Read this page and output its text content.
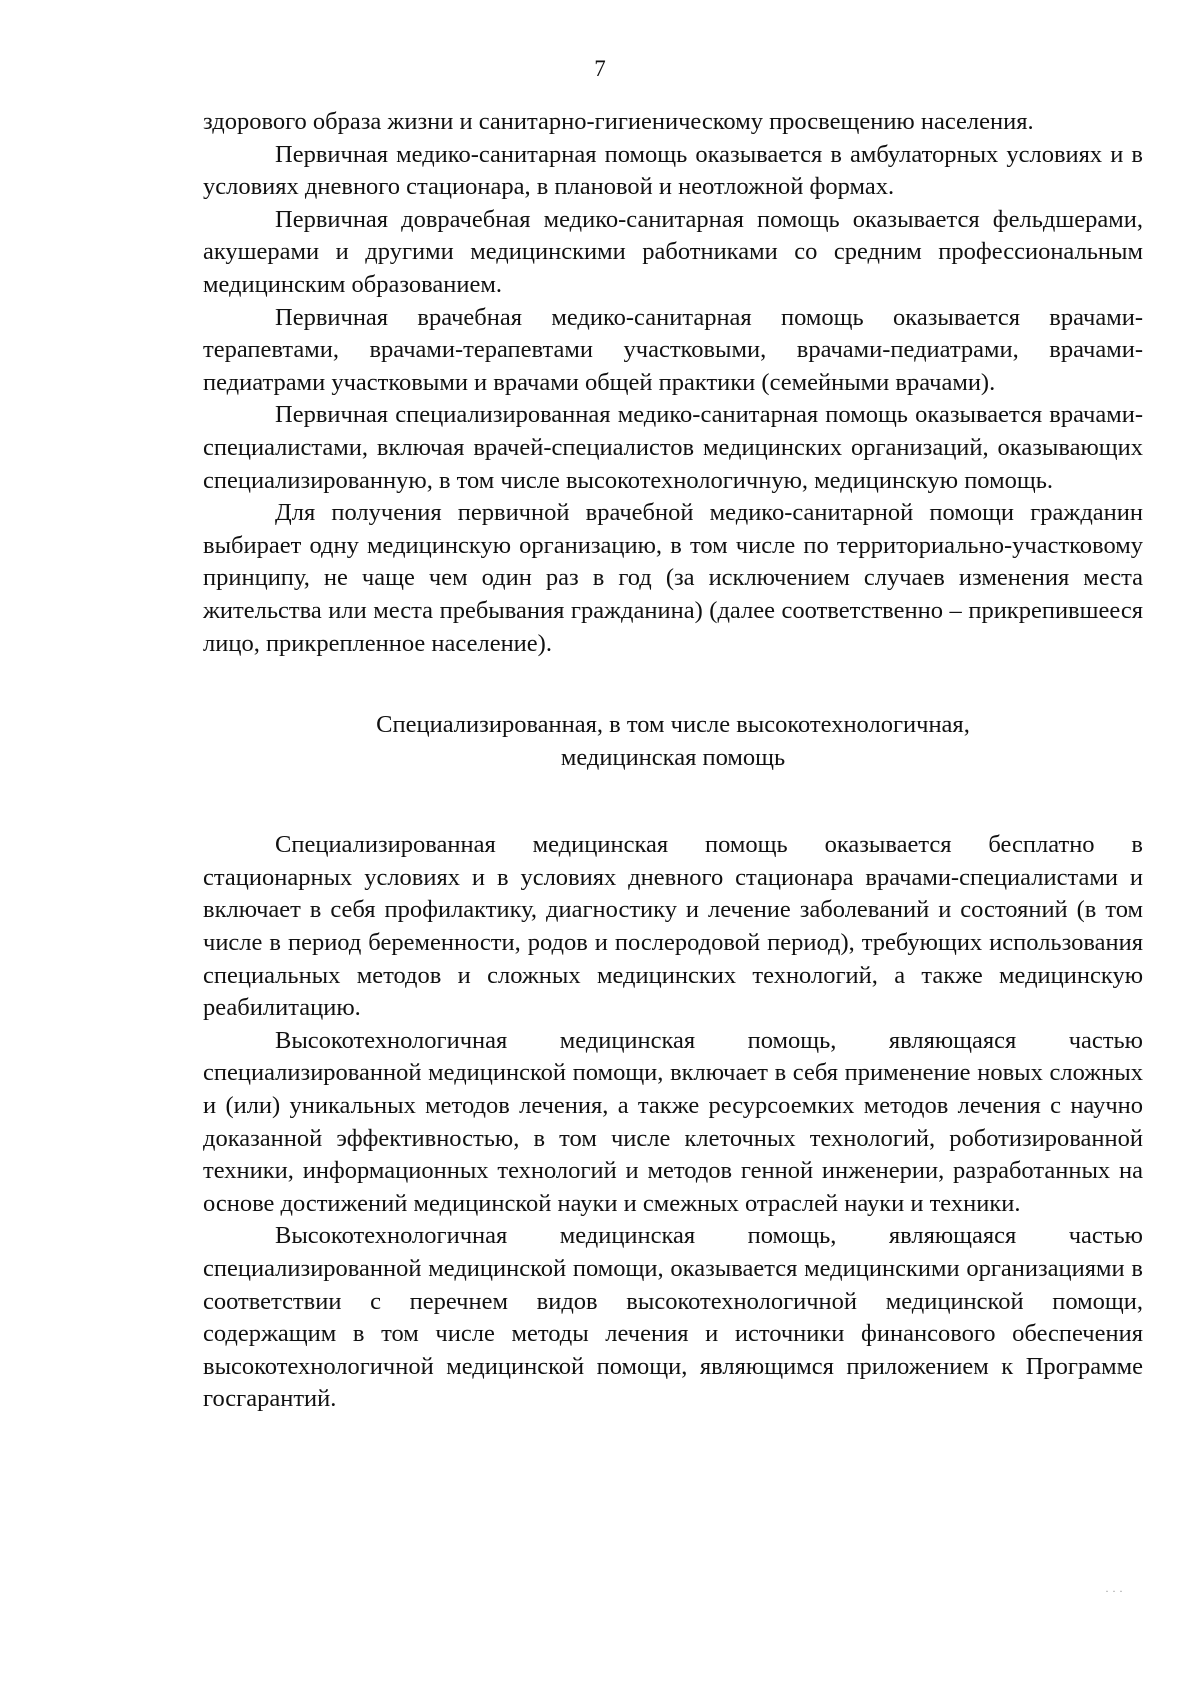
7

здорового образа жизни и санитарно-гигиеническому просвещению населения.

Первичная медико-санитарная помощь оказывается в амбулаторных условиях и в условиях дневного стационара, в плановой и неотложной формах.

Первичная доврачебная медико-санитарная помощь оказывается фельдшерами, акушерами и другими медицинскими работниками со средним профессиональным медицинским образованием.

Первичная врачебная медико-санитарная помощь оказывается врачами-терапевтами, врачами-терапевтами участковыми, врачами-педиатрами, врачами-педиатрами участковыми и врачами общей практики (семейными врачами).

Первичная специализированная медико-санитарная помощь оказывается врачами-специалистами, включая врачей-специалистов медицинских организаций, оказывающих специализированную, в том числе высокотехнологичную, медицинскую помощь.

Для получения первичной врачебной медико-санитарной помощи гражданин выбирает одну медицинскую организацию, в том числе по территориально-участковому принципу, не чаще чем один раз в год (за исключением случаев изменения места жительства или места пребывания гражданина) (далее соответственно – прикрепившееся лицо, прикрепленное население).

Специализированная, в том числе высокотехнологичная,
медицинская помощь

Специализированная медицинская помощь оказывается бесплатно в стационарных условиях и в условиях дневного стационара врачами-специалистами и включает в себя профилактику, диагностику и лечение заболеваний и состояний (в том числе в период беременности, родов и послеродовой период), требующих использования специальных методов и сложных медицинских технологий, а также медицинскую реабилитацию.

Высокотехнологичная медицинская помощь, являющаяся частью специализированной медицинской помощи, включает в себя применение новых сложных и (или) уникальных методов лечения, а также ресурсоемких методов лечения с научно доказанной эффективностью, в том числе клеточных технологий, роботизированной техники, информационных технологий и методов генной инженерии, разработанных на основе достижений медицинской науки и смежных отраслей науки и техники.

Высокотехнологичная медицинская помощь, являющаяся частью специализированной медицинской помощи, оказывается медицинскими организациями в соответствии с перечнем видов высокотехнологичной медицинской помощи, содержащим в том числе методы лечения и источники финансового обеспечения высокотехнологичной медицинской помощи, являющимся приложением к Программе госгарантий.

· · ·
